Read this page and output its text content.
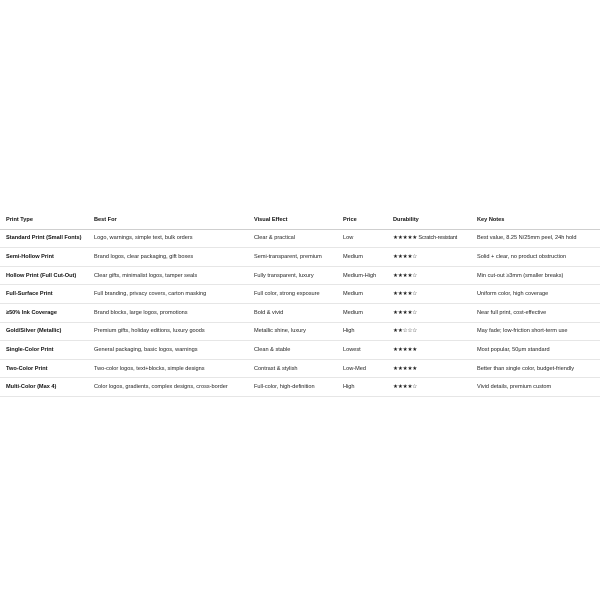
Print Type	Best For	Visual Effect	Price	Durability	Key Notes
Standard Print (Small Fonts)	Logo, warnings, simple text, bulk orders	Clear & practical	Low	★★★★★ Scratch-resistant	Best value, 8.25 N/25mm peel, 24h hold
Semi-Hollow Print	Brand logos, clear packaging, gift boxes	Semi-transparent, premium	Medium	★★★★☆	Solid + clear, no product obstruction
Hollow Print (Full Cut-Out)	Clear gifts, minimalist logos, tamper seals	Fully transparent, luxury	Medium-High	★★★★☆	Min cut-out ≥3mm (smaller breaks)
Full-Surface Print	Full branding, privacy covers, carton masking	Full color, strong exposure	Medium	★★★★☆	Uniform color, high coverage
≥50% Ink Coverage	Brand blocks, large logos, promotions	Bold & vivid	Medium	★★★★☆	Near full print, cost-effective
Gold/Silver (Metallic)	Premium gifts, holiday editions, luxury goods	Metallic shine, luxury	High	★★☆☆☆	May fade; low-friction short-term use
Single-Color Print	General packaging, basic logos, warnings	Clean & stable	Lowest	★★★★★	Most popular, 50μm standard
Two-Color Print	Two-color logos, text+blocks, simple designs	Contrast & stylish	Low-Med	★★★★★	Better than single color, budget-friendly
Multi-Color (Max 4)	Color logos, gradients, complex designs, cross-border	Full-color, high-definition	High	★★★★☆	Vivid details, premium custom
